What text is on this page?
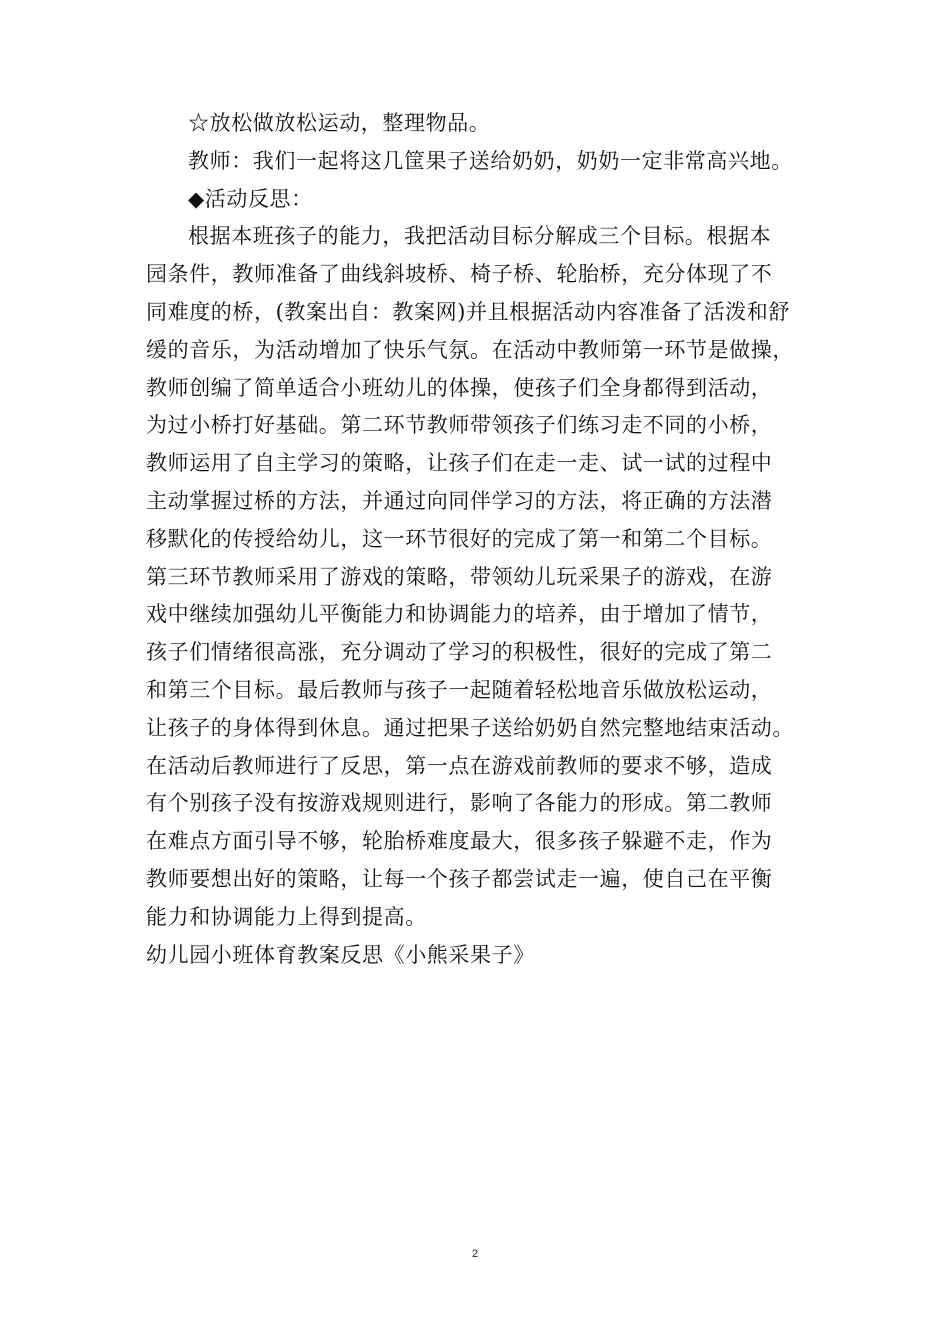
☆放松做放松运动，整理物品。
教师：我们一起将这几筐果子送给奶奶，奶奶一定非常高兴地。
◆活动反思：
根据本班孩子的能力，我把活动目标分解成三个目标。根据本
园条件，教师准备了曲线斜坡桥、椅子桥、轮胎桥，充分体现了不
同难度的桥，(教案出自：教案网)并且根据活动内容准备了活泼和舒
缓的音乐，为活动增加了快乐气氛。在活动中教师第一环节是做操，
教师创编了简单适合小班幼儿的体操，使孩子们全身都得到活动，
为过小桥打好基础。第二环节教师带领孩子们练习走不同的小桥，
教师运用了自主学习的策略，让孩子们在走一走、试一试的过程中
主动掌握过桥的方法，并通过向同伴学习的方法，将正确的方法潜
移默化的传授给幼儿，这一环节很好的完成了第一和第二个目标。
第三环节教师采用了游戏的策略，带领幼儿玩采果子的游戏，在游
戏中继续加强幼儿平衡能力和协调能力的培养，由于增加了情节，
孩子们情绪很高涨，充分调动了学习的积极性，很好的完成了第二
和第三个目标。最后教师与孩子一起随着轻松地音乐做放松运动，
让孩子的身体得到休息。通过把果子送给奶奶自然完整地结束活动。
在活动后教师进行了反思，第一点在游戏前教师的要求不够，造成
有个别孩子没有按游戏规则进行，影响了各能力的形成。第二教师
在难点方面引导不够，轮胎桥难度最大，很多孩子躲避不走，作为
教师要想出好的策略，让每一个孩子都尝试走一遍，使自己在平衡
能力和协调能力上得到提高。
幼儿园小班体育教案反思《小熊采果子》
2
